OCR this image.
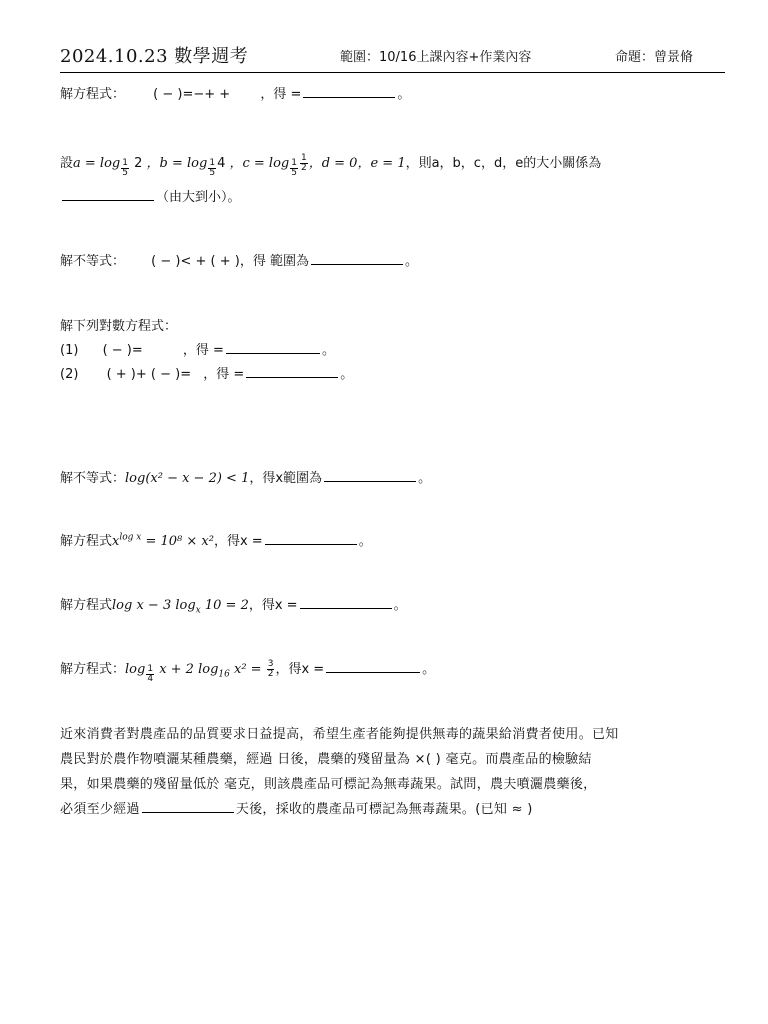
2024.10.23 數學週考	範圍：10/16上課內容+作業內容	命題：曾景脩
解方程式： ( − )=−+ + ，得 =	。
設$a = \log \frac{1}{5} 2$ ，$b = \log \frac{1}{5} 4$ ，$c = \log \frac{1}{5} \frac{1}{2}$ ，d = 0，e = 1，則a，b，c，d，e的大小關係為
（由大到小）。
解不等式： ( − )< + ( + )，得 範圍為	。
解下列對數方程式：
(1) ( − )=	，得 =	。
(2) ( + )+ ( − )= ，得 =	。
解不等式：log(x² − x − 2) < 1，得x範圍為	。
解方程式$x^{log x} = 10^8 \times x^2$，得x =	。
解方程式log x − 3 $\log_x 10 = 2$，得x =	。
解方程式：$\log \frac{1}{4}$ x + 2 $\log_{16} x^2 = \frac{3}{2}$ ，得x =	。
近來消費者對農產品的品質要求日益提高，希望生產者能夠提供無毒的蔬果給消費者使用。已知
農民對於農作物噴灑某種農藥，經過 日後，農藥的殘留量為 ×( ) 毫克。而農產品的檢驗結
果，如果農藥的殘留量低於 毫克，則該農產品可標記為無毒蔬果。試問，農夫噴灑農藥後，
必須至少經過	天後，採收的農產品可標記為無毒蔬果。(已知 ≈ )
